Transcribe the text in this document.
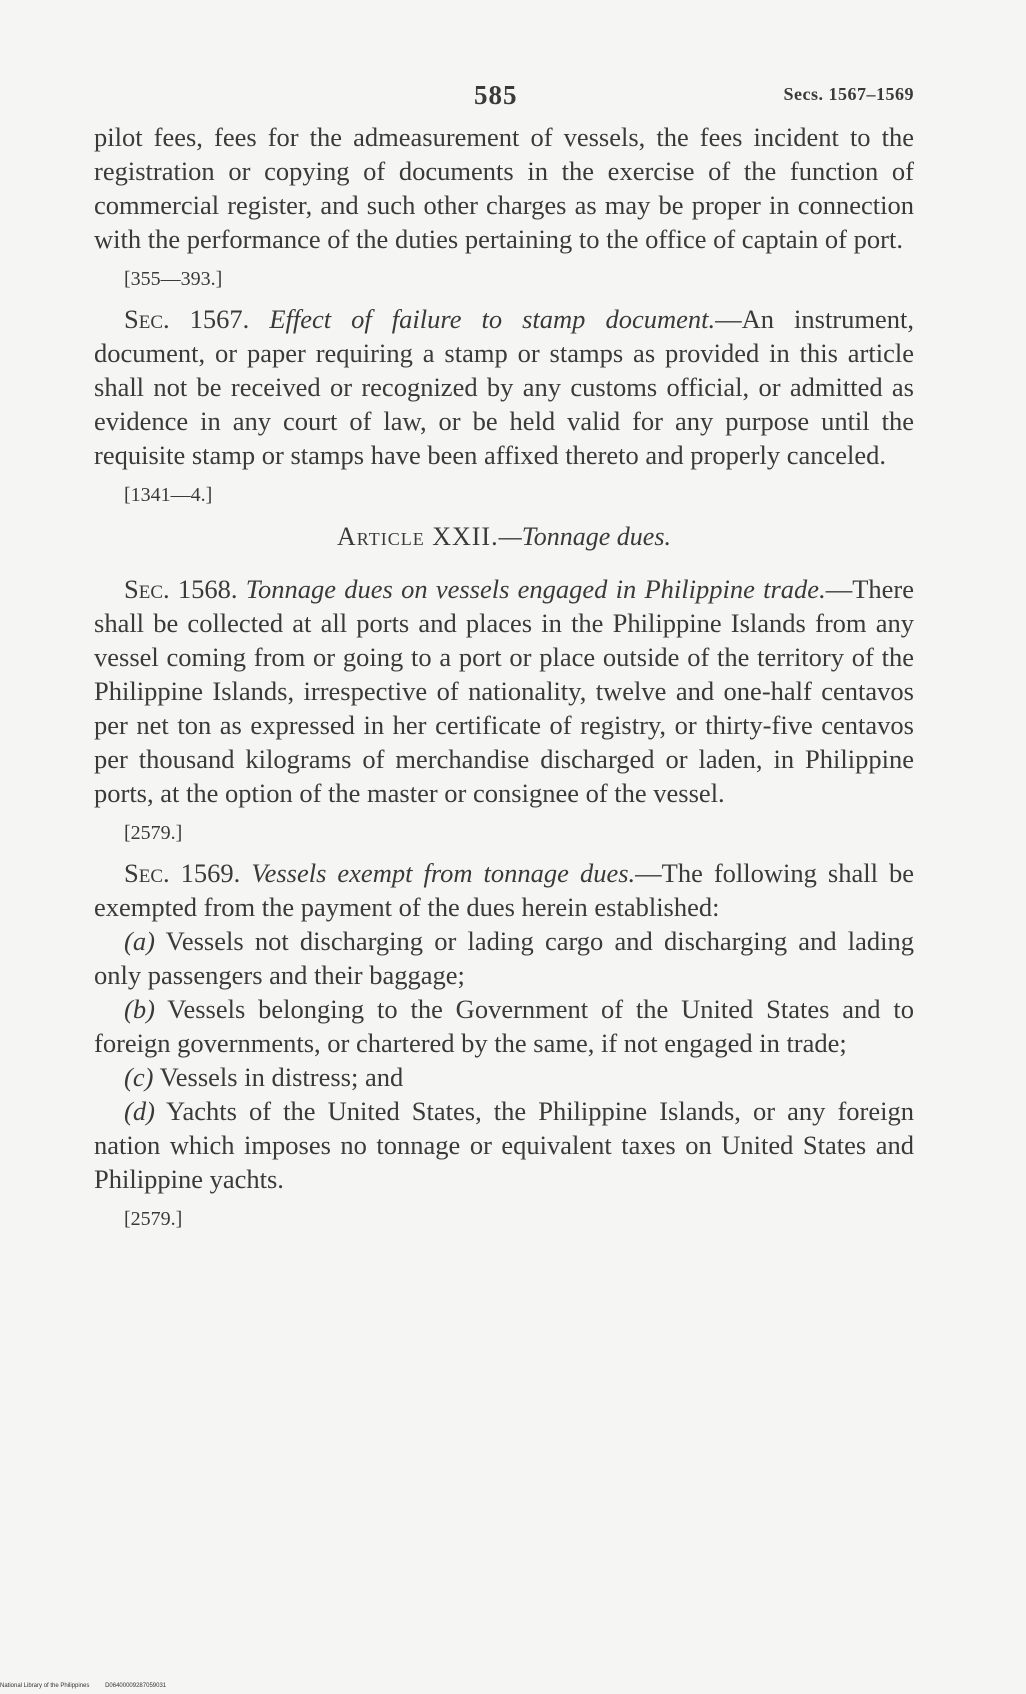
585	Secs. 1567–1569

pilot fees, fees for the admeasurement of vessels, the fees incident to the registration or copying of documents in the exercise of the function of commercial register, and such other charges as may be proper in connection with the performance of the duties pertaining to the office of captain of port.

[355—393.]

Sec. 1567. Effect of failure to stamp document.—An instrument, document, or paper requiring a stamp or stamps as provided in this article shall not be received or recognized by any customs official, or admitted as evidence in any court of law, or be held valid for any purpose until the requisite stamp or stamps have been affixed thereto and properly canceled.

[1341—4.]
Article XXII.—Tonnage dues.

Sec. 1568. Tonnage dues on vessels engaged in Philippine trade.—There shall be collected at all ports and places in the Philippine Islands from any vessel coming from or going to a port or place outside of the territory of the Philippine Islands, irrespective of nationality, twelve and one-half centavos per net ton as expressed in her certificate of registry, or thirty-five centavos per thousand kilograms of merchandise discharged or laden, in Philippine ports, at the option of the master or consignee of the vessel.

[2579.]

Sec. 1569. Vessels exempt from tonnage dues.—The following shall be exempted from the payment of the dues herein established:

(a) Vessels not discharging or lading cargo and discharging and lading only passengers and their baggage;

(b) Vessels belonging to the Government of the United States and to foreign governments, or chartered by the same, if not engaged in trade;

(c) Vessels in distress; and

(d) Yachts of the United States, the Philippine Islands, or any foreign nation which imposes no tonnage or equivalent taxes on United States and Philippine yachts.

[2579.]
National Library of the Philippines	D06400009287059031
